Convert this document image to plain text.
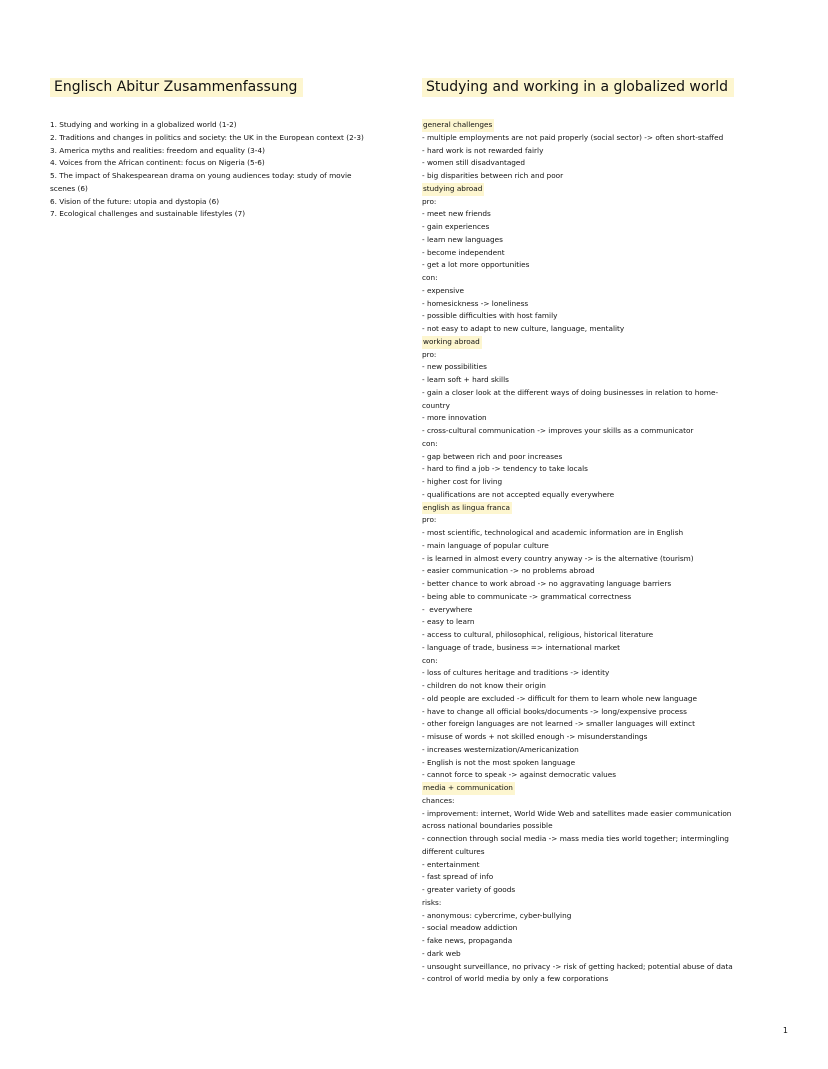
Englisch Abitur Zusammenfassung
1. Studying and working in a globalized world (1-2)
2. Traditions and changes in politics and society: the UK in the European context (2-3)
3. America myths and realities: freedom and equality (3-4)
4. Voices from the African continent: focus on Nigeria (5-6)
5. The impact of Shakespearean drama on young audiences today: study of movie
scenes (6)
6. Vision of the future: utopia and dystopia (6)
7. Ecological challenges and sustainable lifestyles (7)
Studying and working in a globalized world
general challenges
- multiple employments are not paid properly (social sector) -> often short-staffed
- hard work is not rewarded fairly
- women still disadvantaged
- big disparities between rich and poor
studying abroad
pro:
- meet new friends
- gain experiences
- learn new languages
- become independent
- get a lot more opportunities
con:
- expensive
- homesickness -> loneliness
- possible difficulties with host family
- not easy to adapt to new culture, language, mentality
working abroad
pro:
- new possibilities
- learn soft + hard skills
- gain a closer look at the different ways of doing businesses in relation to home-
country
- more innovation
- cross-cultural communication -> improves your skills as a communicator
con:
- gap between rich and poor increases
- hard to find a job -> tendency to take locals
- higher cost for living
- qualifications are not accepted equally everywhere
english as lingua franca
pro:
- most scientific, technological and academic information are in English
- main language of popular culture
- is learned in almost every country anyway -> is the alternative (tourism)
- easier communication -> no problems abroad
- better chance to work abroad -> no aggravating language barriers
- being able to communicate -> grammatical correctness
-  everywhere
- easy to learn
- access to cultural, philosophical, religious, historical literature
- language of trade, business => international market
con:
- loss of cultures heritage and traditions -> identity
- children do not know their origin
- old people are excluded -> difficult for them to learn whole new language
- have to change all official books/documents -> long/expensive process
- other foreign languages are not learned -> smaller languages will extinct
- misuse of words + not skilled enough -> misunderstandings
- increases westernization/Americanization
- English is not the most spoken language
- cannot force to speak -> against democratic values
media + communication
chances:
- improvement: internet, World Wide Web and satellites made easier communication
across national boundaries possible
- connection through social media -> mass media ties world together; intermingling
different cultures
- entertainment
- fast spread of info
- greater variety of goods
risks:
- anonymous: cybercrime, cyber-bullying
- social meadow addiction
- fake news, propaganda
- dark web
- unsought surveillance, no privacy -> risk of getting hacked; potential abuse of data
- control of world media by only a few corporations
1
